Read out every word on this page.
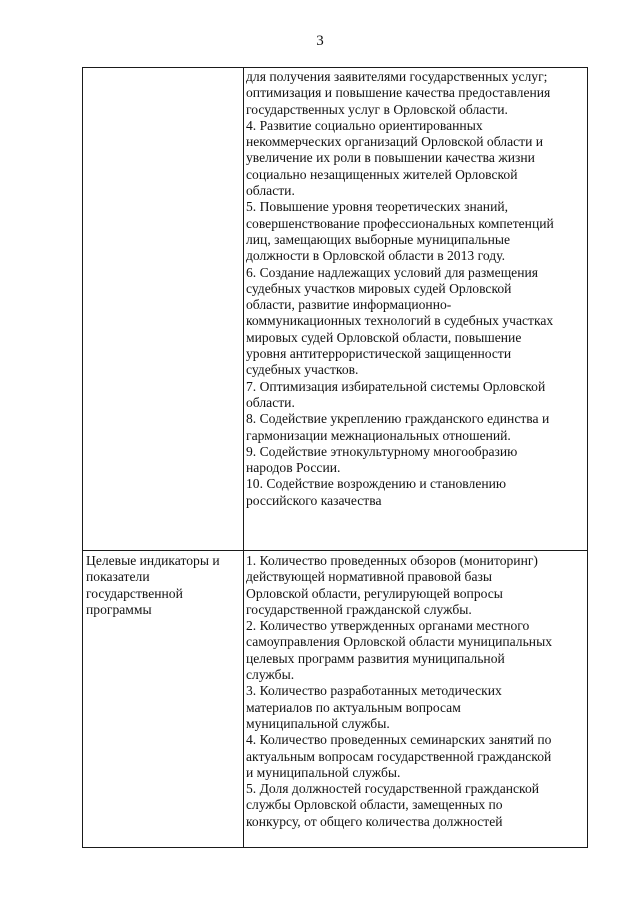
3
для получения заявителями государственных услуг;
оптимизация и повышение качества предоставления
государственных услуг в Орловской области.
4. Развитие социально ориентированных
некоммерческих организаций Орловской области и
увеличение их роли в повышении качества жизни
социально незащищенных жителей Орловской
области.
5. Повышение уровня теоретических знаний,
совершенствование профессиональных компетенций
лиц, замещающих выборные муниципальные
должности в Орловской области в 2013 году.
6. Создание надлежащих условий для размещения
судебных участков мировых судей Орловской
области, развитие информационно-
коммуникационных технологий в судебных участках
мировых судей Орловской области, повышение
уровня антитеррористической защищенности
судебных участков.
7. Оптимизация избирательной системы Орловской
области.
8. Содействие укреплению гражданского единства и
гармонизации межнациональных отношений.
9. Содействие этнокультурному многообразию
народов России.
10. Содействие возрождению и становлению
российского казачества
Целевые индикаторы и
показатели
государственной
программы
1. Количество проведенных обзоров (мониторинг)
действующей нормативной правовой базы
Орловской области, регулирующей вопросы
государственной гражданской службы.
2. Количество утвержденных органами местного
самоуправления Орловской области муниципальных
целевых программ развития муниципальной
службы.
3. Количество разработанных методических
материалов по актуальным вопросам
муниципальной службы.
4. Количество проведенных семинарских занятий по
актуальным вопросам государственной гражданской
и муниципальной службы.
5. Доля должностей государственной гражданской
службы Орловской области, замещенных по
конкурсу, от общего количества должностей
